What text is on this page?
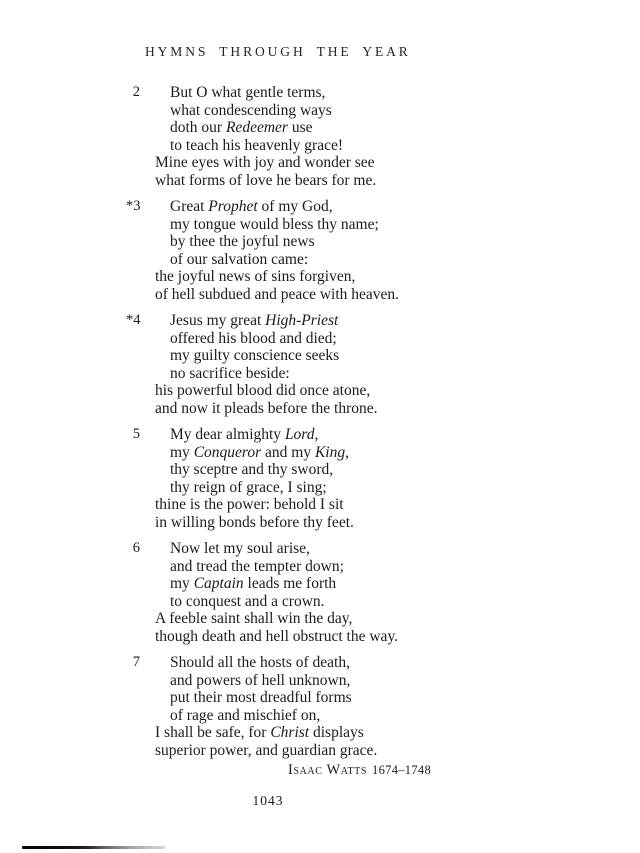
HYMNS THROUGH THE YEAR
2	But O what gentle terms,
what condescending ways
doth our Redeemer use
to teach his heavenly grace!
Mine eyes with joy and wonder see
what forms of love he bears for me.
*3	Great Prophet of my God,
my tongue would bless thy name;
by thee the joyful news
of our salvation came:
the joyful news of sins forgiven,
of hell subdued and peace with heaven.
*4	Jesus my great High-Priest
offered his blood and died;
my guilty conscience seeks
no sacrifice beside:
his powerful blood did once atone,
and now it pleads before the throne.
5	My dear almighty Lord,
my Conqueror and my King,
thy sceptre and thy sword,
thy reign of grace, I sing;
thine is the power: behold I sit
in willing bonds before thy feet.
6	Now let my soul arise,
and tread the tempter down;
my Captain leads me forth
to conquest and a crown.
A feeble saint shall win the day,
though death and hell obstruct the way.
7	Should all the hosts of death,
and powers of hell unknown,
put their most dreadful forms
of rage and mischief on,
I shall be safe, for Christ displays
superior power, and guardian grace.
Isaac Watts 1674–1748
1043
